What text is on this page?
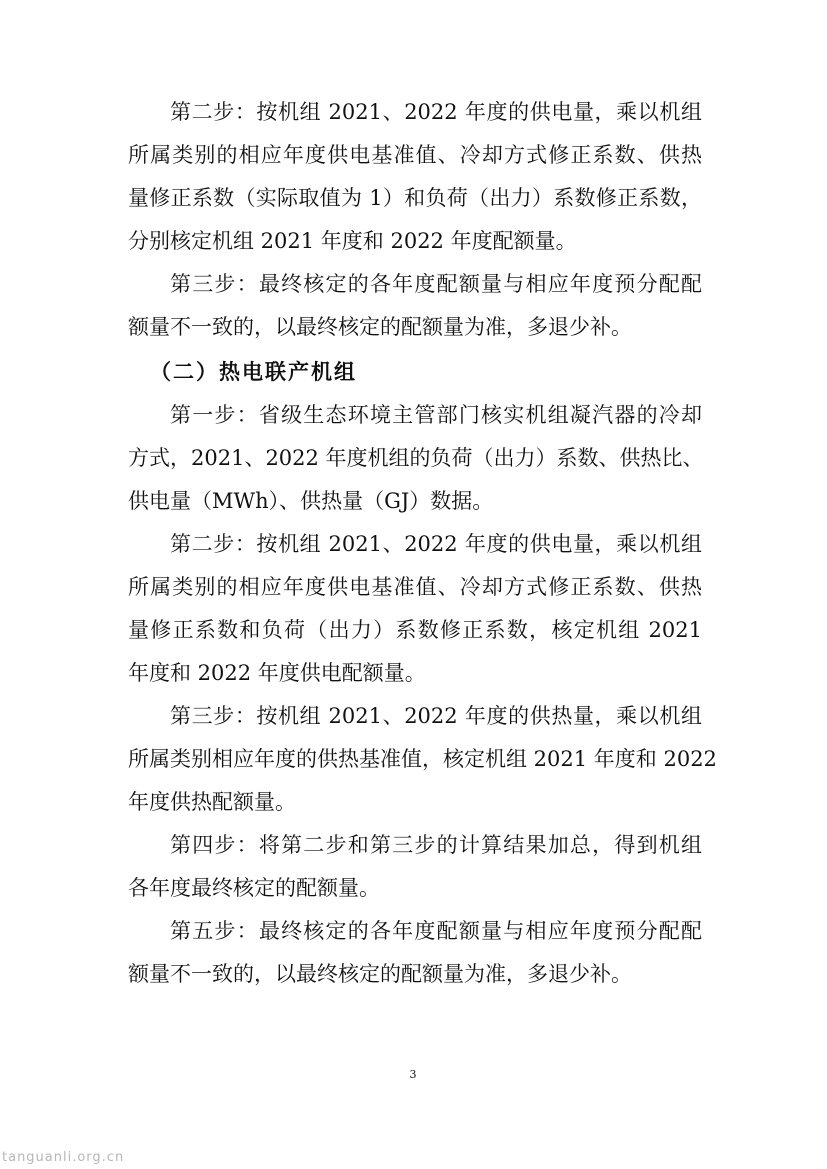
第二步：按机组 2021、2022 年度的供电量，乘以机组
所属类别的相应年度供电基准值、冷却方式修正系数、供热
量修正系数（实际取值为 1）和负荷（出力）系数修正系数，
分别核定机组 2021 年度和 2022 年度配额量。
第三步：最终核定的各年度配额量与相应年度预分配配
额量不一致的，以最终核定的配额量为准，多退少补。
（二）热电联产机组
第一步：省级生态环境主管部门核实机组凝汽器的冷却
方式，2021、2022 年度机组的负荷（出力）系数、供热比、
供电量（MWh）、供热量（GJ）数据。
第二步：按机组 2021、2022 年度的供电量，乘以机组
所属类别的相应年度供电基准值、冷却方式修正系数、供热
量修正系数和负荷（出力）系数修正系数，核定机组 2021
年度和 2022 年度供电配额量。
第三步：按机组 2021、2022 年度的供热量，乘以机组
所属类别相应年度的供热基准值，核定机组 2021 年度和 2022
年度供热配额量。
第四步：将第二步和第三步的计算结果加总，得到机组
各年度最终核定的配额量。
第五步：最终核定的各年度配额量与相应年度预分配配
额量不一致的，以最终核定的配额量为准，多退少补。
3
tanguanli.org.cn
